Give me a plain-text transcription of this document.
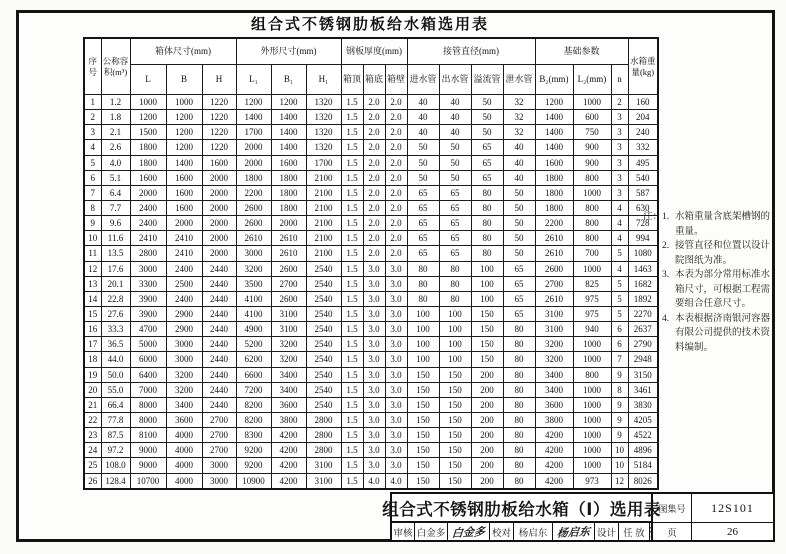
组合式不锈钢肋板给水箱选用表
序号	公称容积(m³)	箱体尺寸(mm)			外形尺寸(mm)			钢板厚度(mm)			接管直径(mm)				基础参数			水箱重量(kg)
		L	B	H	L₁	B₁	H₁	箱顶	箱底	箱壁	进水管	出水管	溢流管	泄水管	B₂(mm)	L₂(mm)	n	
1	1.2	1000	1000	1220	1200	1200	1320	1.5	2.0	2.0	40	40	50	32	1200	1000	2	160
2	1.8	1200	1200	1220	1400	1400	1320	1.5	2.0	2.0	40	40	50	32	1400	600	3	204
3	2.1	1500	1200	1220	1700	1400	1320	1.5	2.0	2.0	40	40	50	32	1400	750	3	240
4	2.6	1800	1200	1220	2000	1400	1320	1.5	2.0	2.0	50	50	65	40	1400	900	3	332
5	4.0	1800	1400	1600	2000	1600	1700	1.5	2.0	2.0	50	50	65	40	1600	900	3	495
6	5.1	1600	1600	2000	1800	1800	2100	1.5	2.0	2.0	50	50	65	40	1800	800	3	540
7	6.4	2000	1600	2000	2200	1800	2100	1.5	2.0	2.0	65	65	80	50	1800	1000	3	587
8	7.7	2400	1600	2000	2600	1800	2100	1.5	2.0	2.0	65	65	80	50	1800	800	4	630
9	9.6	2400	2000	2000	2600	2000	2100	1.5	2.0	2.0	65	65	80	50	2200	800	4	728
10	11.6	2410	2410	2000	2610	2610	2100	1.5	2.0	2.0	65	65	80	50	2610	800	4	994
11	13.5	2800	2410	2000	3000	2610	2100	1.5	2.0	2.0	65	65	80	50	2610	700	5	1080
12	17.6	3000	2400	2440	3200	2600	2540	1.5	3.0	3.0	80	80	100	65	2600	1000	4	1463
13	20.1	3300	2500	2440	3500	2700	2540	1.5	3.0	3.0	80	80	100	65	2700	825	5	1682
14	22.8	3900	2400	2440	4100	2600	2540	1.5	3.0	3.0	80	80	100	65	2610	975	5	1892
15	27.6	3900	2900	2440	4100	3100	2540	1.5	3.0	3.0	100	100	150	65	3100	975	5	2270
16	33.3	4700	2900	2440	4900	3100	2540	1.5	3.0	3.0	100	100	150	80	3100	940	6	2637
17	36.5	5000	3000	2440	5200	3200	2540	1.5	3.0	3.0	100	100	150	80	3200	1000	6	2790
18	44.0	6000	3000	2440	6200	3200	2540	1.5	3.0	3.0	100	100	150	80	3200	1000	7	2948
19	50.0	6400	3200	2440	6600	3400	2540	1.5	3.0	3.0	150	150	200	80	3400	800	9	3150
20	55.0	7000	3200	2440	7200	3400	2540	1.5	3.0	3.0	150	150	200	80	3400	1000	8	3461
21	66.4	8000	3400	2440	8200	3600	2540	1.5	3.0	3.0	150	150	200	80	3600	1000	9	3830
22	77.8	8000	3600	2700	8200	3800	2800	1.5	3.0	3.0	150	150	200	80	3800	1000	9	4205
23	87.5	8100	4000	2700	8300	4200	2800	1.5	3.0	3.0	150	150	200	80	4200	1000	9	4522
24	97.2	9000	4000	2700	9200	4200	2800	1.5	3.0	3.0	150	150	200	80	4200	1000	10	4896
25	108.0	9000	4000	3000	9200	4200	3100	1.5	3.0	3.0	150	150	200	80	4200	1000	10	5184
26	128.4	10700	4000	3000	10900	4200	3100	1.5	4.0	4.0	150	150	200	80	4200	973	12	8026
注： 1. 水箱重量含底架槽钢的重量。
2. 接管直径和位置以设计院图纸为准。
3. 本表为部分常用标准水箱尺寸，可根据工程需要组合任意尺寸。
4. 本表根据济南银河容器有限公司提供的技术资料编制。
组合式不锈钢肋板给水箱（Ⅰ）选用表
图集号	12S101
审核 白金多 白金多 校对 杨启东 杨启东 设计 任 放	页	26
